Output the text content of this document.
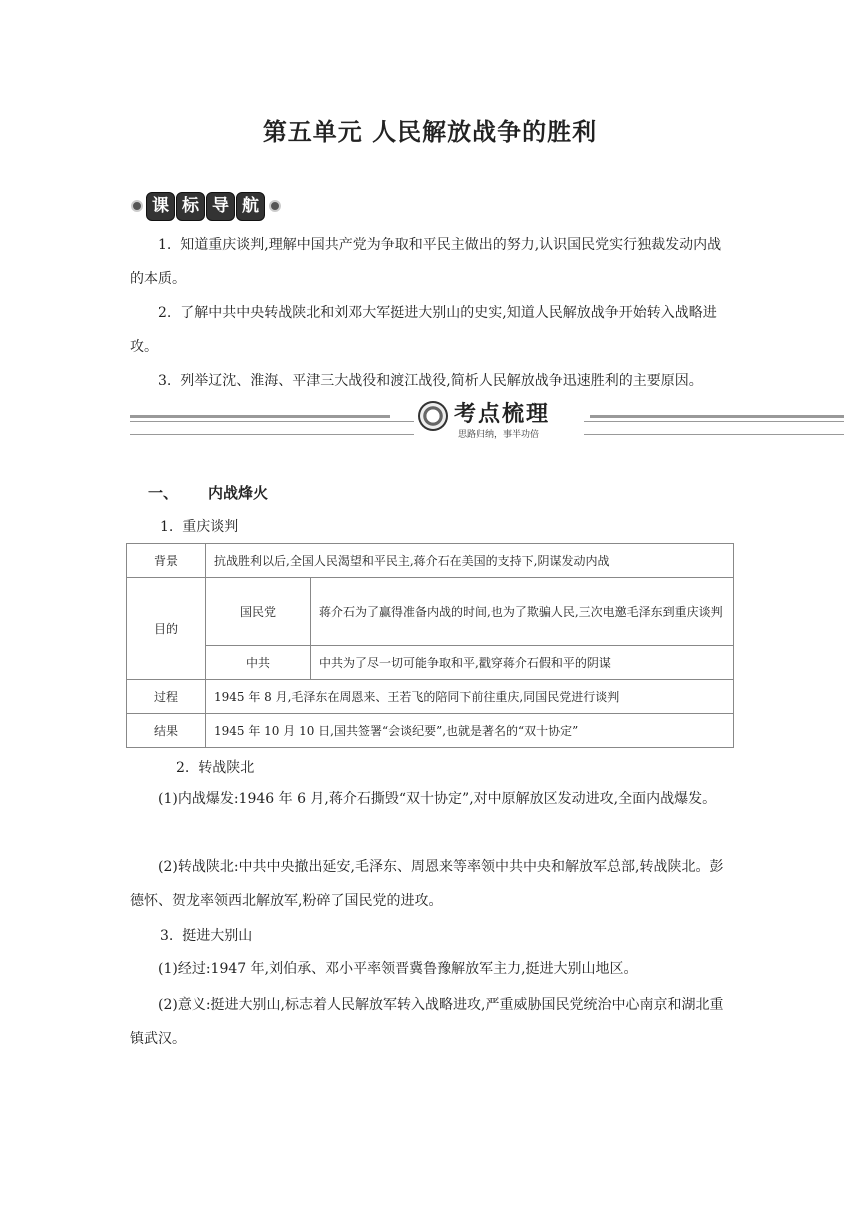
第五单元 人民解放战争的胜利
课 标 导 航
1. 知道重庆谈判,理解中国共产党为争取和平民主做出的努力,认识国民党实行独裁发动内战的本质。
2. 了解中共中央转战陕北和刘邓大军挺进大别山的史实,知道人民解放战争开始转入战略进攻。
3. 列举辽沈、淮海、平津三大战役和渡江战役,简析人民解放战争迅速胜利的主要原因。
考点梳理
思路归纳，事半功倍
一、 内战烽火
1. 重庆谈判
背景	抗战胜利以后,全国人民渴望和平民主,蒋介石在美国的支持下,阴谋发动内战	
目的	国民党	蒋介石为了赢得准备内战的时间,也为了欺骗人民,三次电邀毛泽东到重庆谈判
	中共	中共为了尽一切可能争取和平,戳穿蒋介石假和平的阴谋
过程	1945 年 8 月,毛泽东在周恩来、王若飞的陪同下前往重庆,同国民党进行谈判	
结果	1945 年 10 月 10 日,国共签署“会谈纪要”,也就是著名的“双十协定”	
2. 转战陕北
(1)内战爆发:1946 年 6 月,蒋介石撕毁“双十协定”,对中原解放区发动进攻,全面内战爆发。
(2)转战陕北:中共中央撤出延安,毛泽东、周恩来等率领中共中央和解放军总部,转战陕北。彭德怀、贺龙率领西北解放军,粉碎了国民党的进攻。
3. 挺进大别山
(1)经过:1947 年,刘伯承、邓小平率领晋冀鲁豫解放军主力,挺进大别山地区。
(2)意义:挺进大别山,标志着人民解放军转入战略进攻,严重威胁国民党统治中心南京和湖北重镇武汉。
